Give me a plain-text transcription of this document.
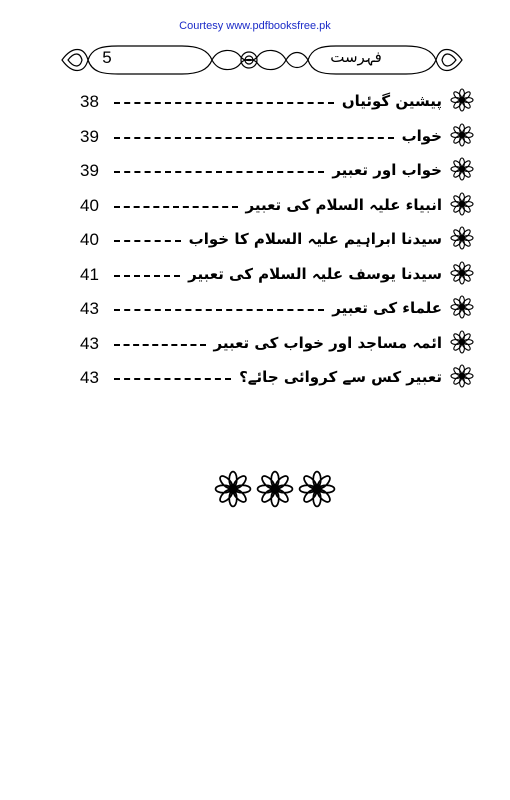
Courtesy www.pdfbooksfree.pk
5	فہرست
38	پیشین گوئیاں
39	خواب
39	خواب اور تعبیر
40	انبیاء علیہ السلام کی تعبیر
40	سیدنا ابراہیم علیہ السلام کا خواب
41	سیدنا یوسف علیہ السلام کی تعبیر
43	علماء کی تعبیر
43	ائمہ مساجد اور خواب کی تعبیر
43	تعبیر کس سے کروائی جائے؟
